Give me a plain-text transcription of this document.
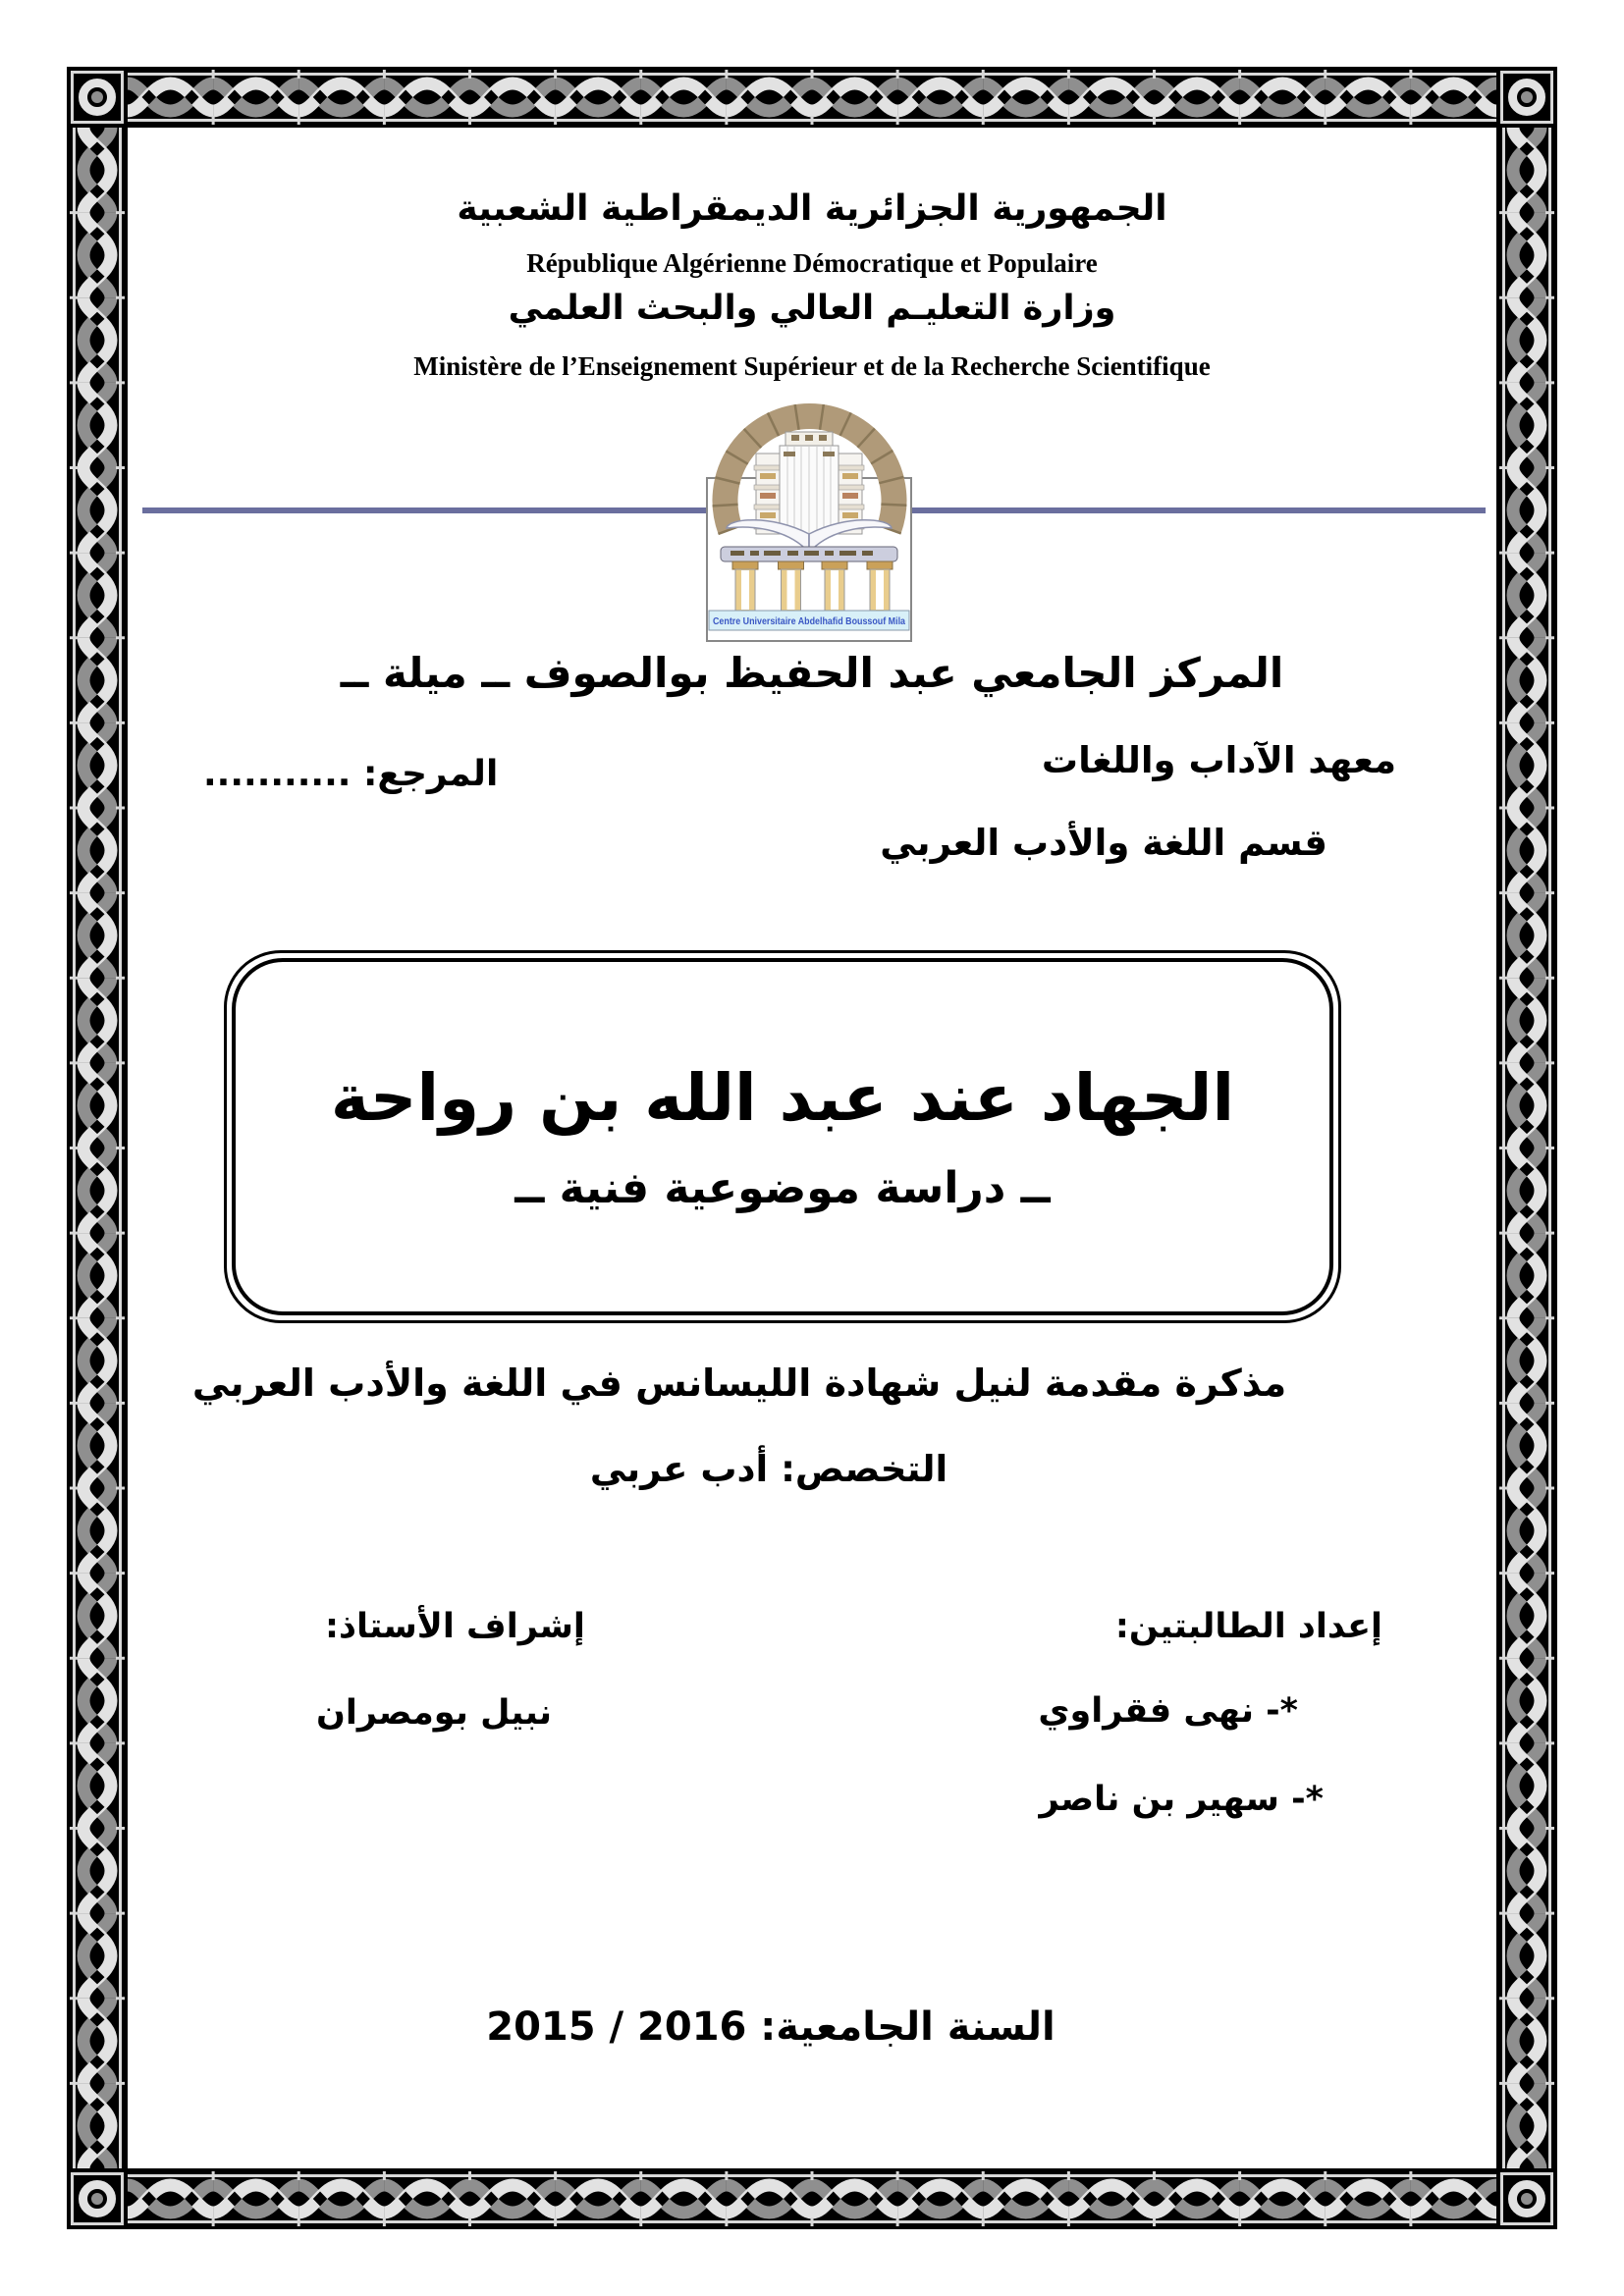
الجمهورية الجزائرية الديمقراطية الشعبية
République Algérienne Démocratique et Populaire
وزارة التعليـم العالي والبحث العلمي
Ministère de l’Enseignement Supérieur et de la Recherche Scientifique
Centre Universitaire Abdelhafid Boussouf Mila
المركز الجامعي عبد الحفيظ بوالصوف ــ ميلة ــ
معهد الآداب واللغات
المرجع: ...........
قسم اللغة والأدب العربي
الجهاد عند عبد الله بن رواحة
ــ دراسة موضوعية فنية ــ
مذكرة مقدمة لنيل شهادة الليسانس في اللغة والأدب العربي
التخصص: أدب عربي
إعداد الطالبتين:
إشراف الأستاذ:
*- نهى فقراوي
نبيل بومصران
*- سهير بن ناصر
السنة الجامعية: 2016 / 2015
